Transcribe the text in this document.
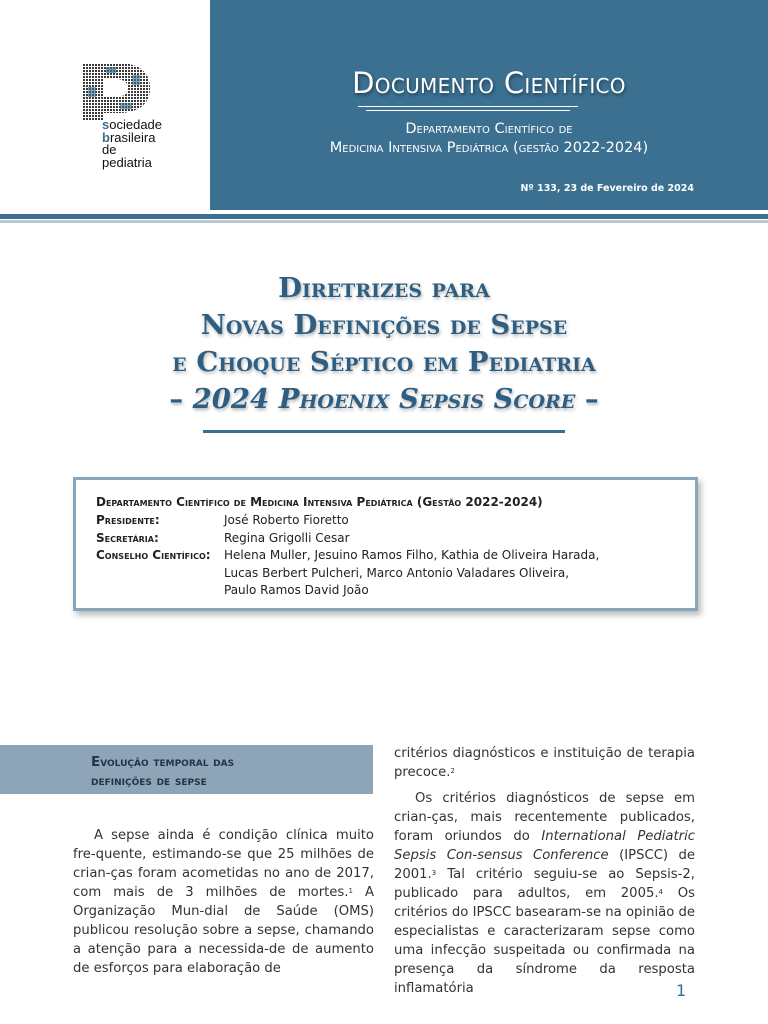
Documento Científico
Departamento Científico de
Medicina Intensiva Pediátrica (gestão 2022-2024)
Nº 133, 23 de Fevereiro de 2024
sociedade
brasileira
de pediatria
Diretrizes para
Novas Definições de Sepse
e Choque Séptico em Pediatria
– 2024 Phoenix Sepsis Score –
Departamento Científico de Medicina Intensiva Pediátrica (Gestão 2022-2024)
Presidente:	José Roberto Fioretto
Secretária:	Regina Grigolli Cesar
Conselho Científico:	Helena Muller, Jesuino Ramos Filho, Kathia de Oliveira Harada,
Lucas Berbert Pulcheri, Marco Antonio Valadares Oliveira,
Paulo Ramos David João
Evolução temporal das
definições de sepse

A sepse ainda é condição clínica muito fre-quente, estimando-se que 25 milhões de crian-ças foram acometidas no ano de 2017, com mais de 3 milhões de mortes.$^1$ A Organização Mun-dial de Saúde (OMS) publicou resolução sobre a sepse, chamando a atenção para a necessida-de de aumento de esforços para elaboração de

critérios diagnósticos e instituição de terapia precoce.$^2$

Os critérios diagnósticos de sepse em crian-ças, mais recentemente publicados, foram oriundos do International Pediatric Sepsis Con-sensus Conference (IPSCC) de 2001.$^3$ Tal critério seguiu-se ao Sepsis-2, publicado para adultos, em 2005.$^4$ Os critérios do IPSCC basearam-se na opinião de especialistas e caracterizaram sepse como uma infecção suspeitada ou confirmada na presença da síndrome da resposta inflamatória	1
